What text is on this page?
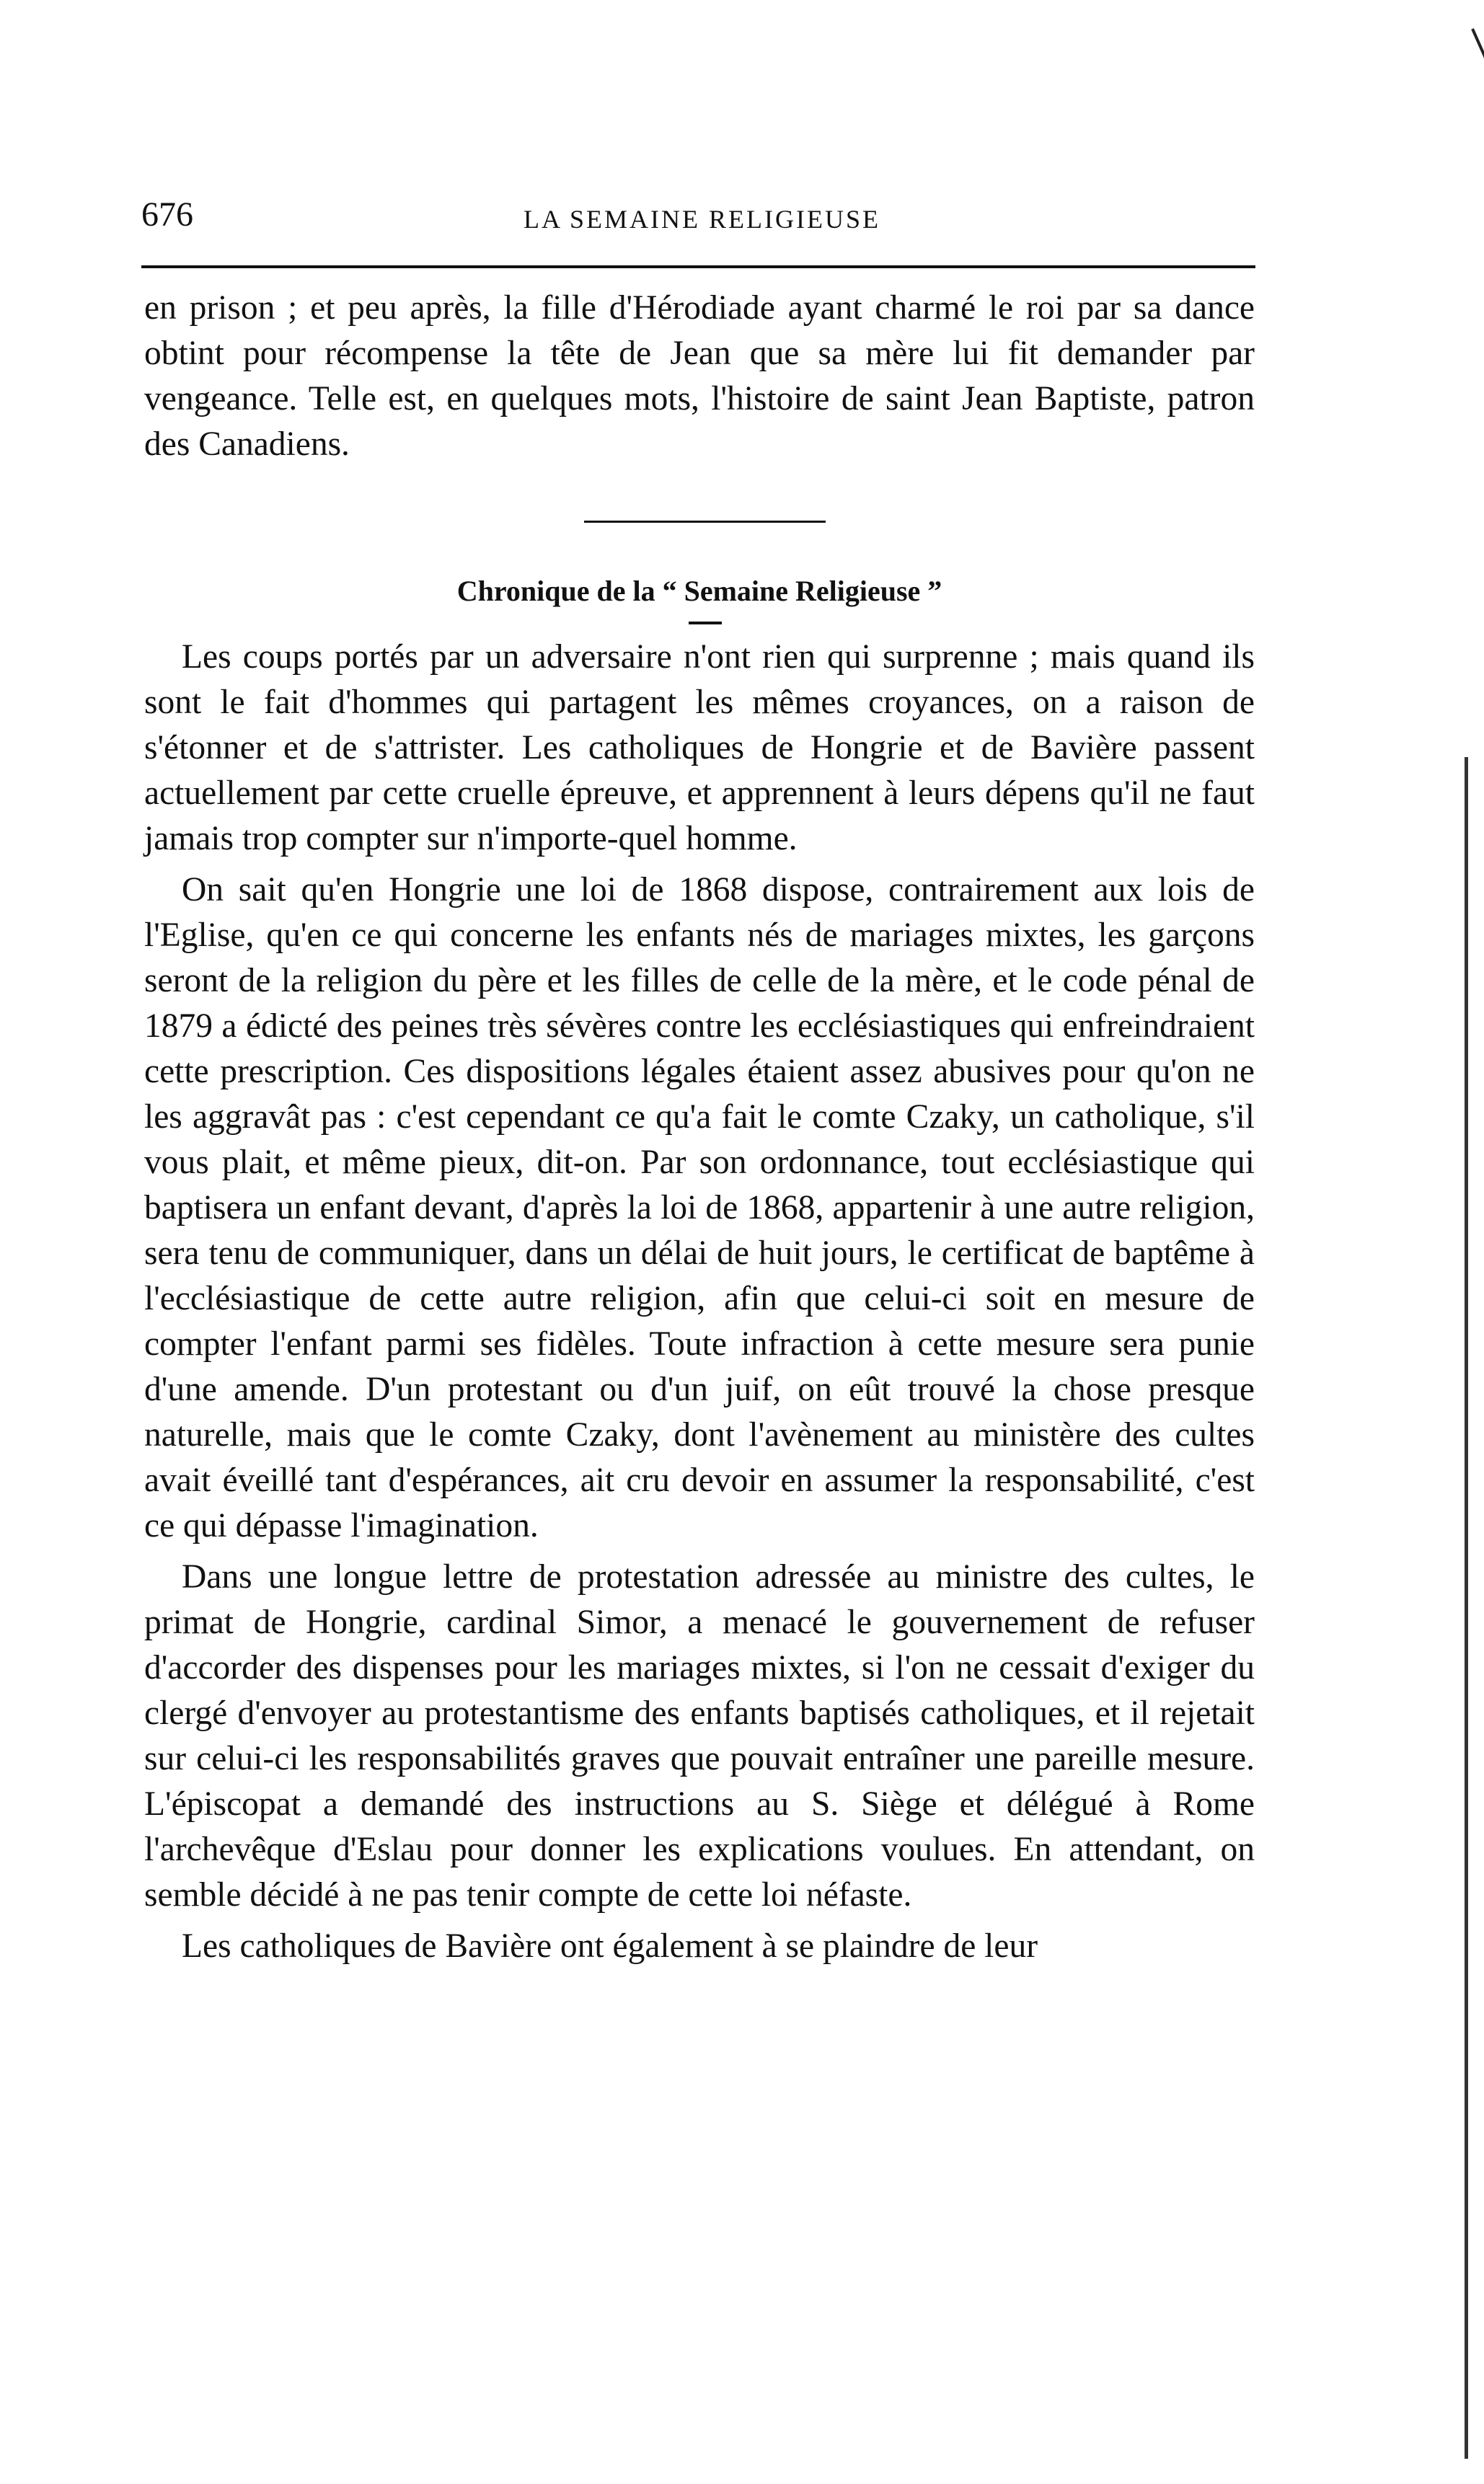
676	LA SEMAINE RELIGIEUSE

en prison ; et peu après, la fille d'Hérodiade ayant charmé le roi par sa dance obtint pour récompense la tête de Jean que sa mère lui fit demander par vengeance. Telle est, en quelques mots, l'histoire de saint Jean Baptiste, patron des Canadiens.

Chronique de la “ Semaine Religieuse ”

Les coups portés par un adversaire n'ont rien qui surprenne ; mais quand ils sont le fait d'hommes qui partagent les mêmes croyances, on a raison de s'étonner et de s'attrister. Les catholiques de Hongrie et de Bavière passent actuellement par cette cruelle épreuve, et apprennent à leurs dépens qu'il ne faut jamais trop compter sur n'importe-quel homme.

On sait qu'en Hongrie une loi de 1868 dispose, contrairement aux lois de l'Eglise, qu'en ce qui concerne les enfants nés de mariages mixtes, les garçons seront de la religion du père et les filles de celle de la mère, et le code pénal de 1879 a édicté des peines très sévères contre les ecclésiastiques qui enfreindraient cette prescription. Ces dispositions légales étaient assez abusives pour qu'on ne les aggravât pas : c'est cependant ce qu'a fait le comte Czaky, un catholique, s'il vous plait, et même pieux, dit-on. Par son ordonnance, tout ecclésiastique qui baptisera un enfant devant, d'après la loi de 1868, appartenir à une autre religion, sera tenu de communiquer, dans un délai de huit jours, le certificat de baptême à l'ecclésiastique de cette autre religion, afin que celui-ci soit en mesure de compter l'enfant parmi ses fidèles. Toute infraction à cette mesure sera punie d'une amende. D'un protestant ou d'un juif, on eût trouvé la chose presque naturelle, mais que le comte Czaky, dont l'avènement au ministère des cultes avait éveillé tant d'espérances, ait cru devoir en assumer la responsabilité, c'est ce qui dépasse l'imagination.

Dans une longue lettre de protestation adressée au ministre des cultes, le primat de Hongrie, cardinal Simor, a menacé le gouvernement de refuser d'accorder des dispenses pour les mariages mixtes, si l'on ne cessait d'exiger du clergé d'envoyer au protestantisme des enfants baptisés catholiques, et il rejetait sur celui-ci les responsabilités graves que pouvait entraîner une pareille mesure. L'épiscopat a demandé des instructions au S. Siège et délégué à Rome l'archevêque d'Eslau pour donner les explications voulues. En attendant, on semble décidé à ne pas tenir compte de cette loi néfaste.

Les catholiques de Bavière ont également à se plaindre de leur
